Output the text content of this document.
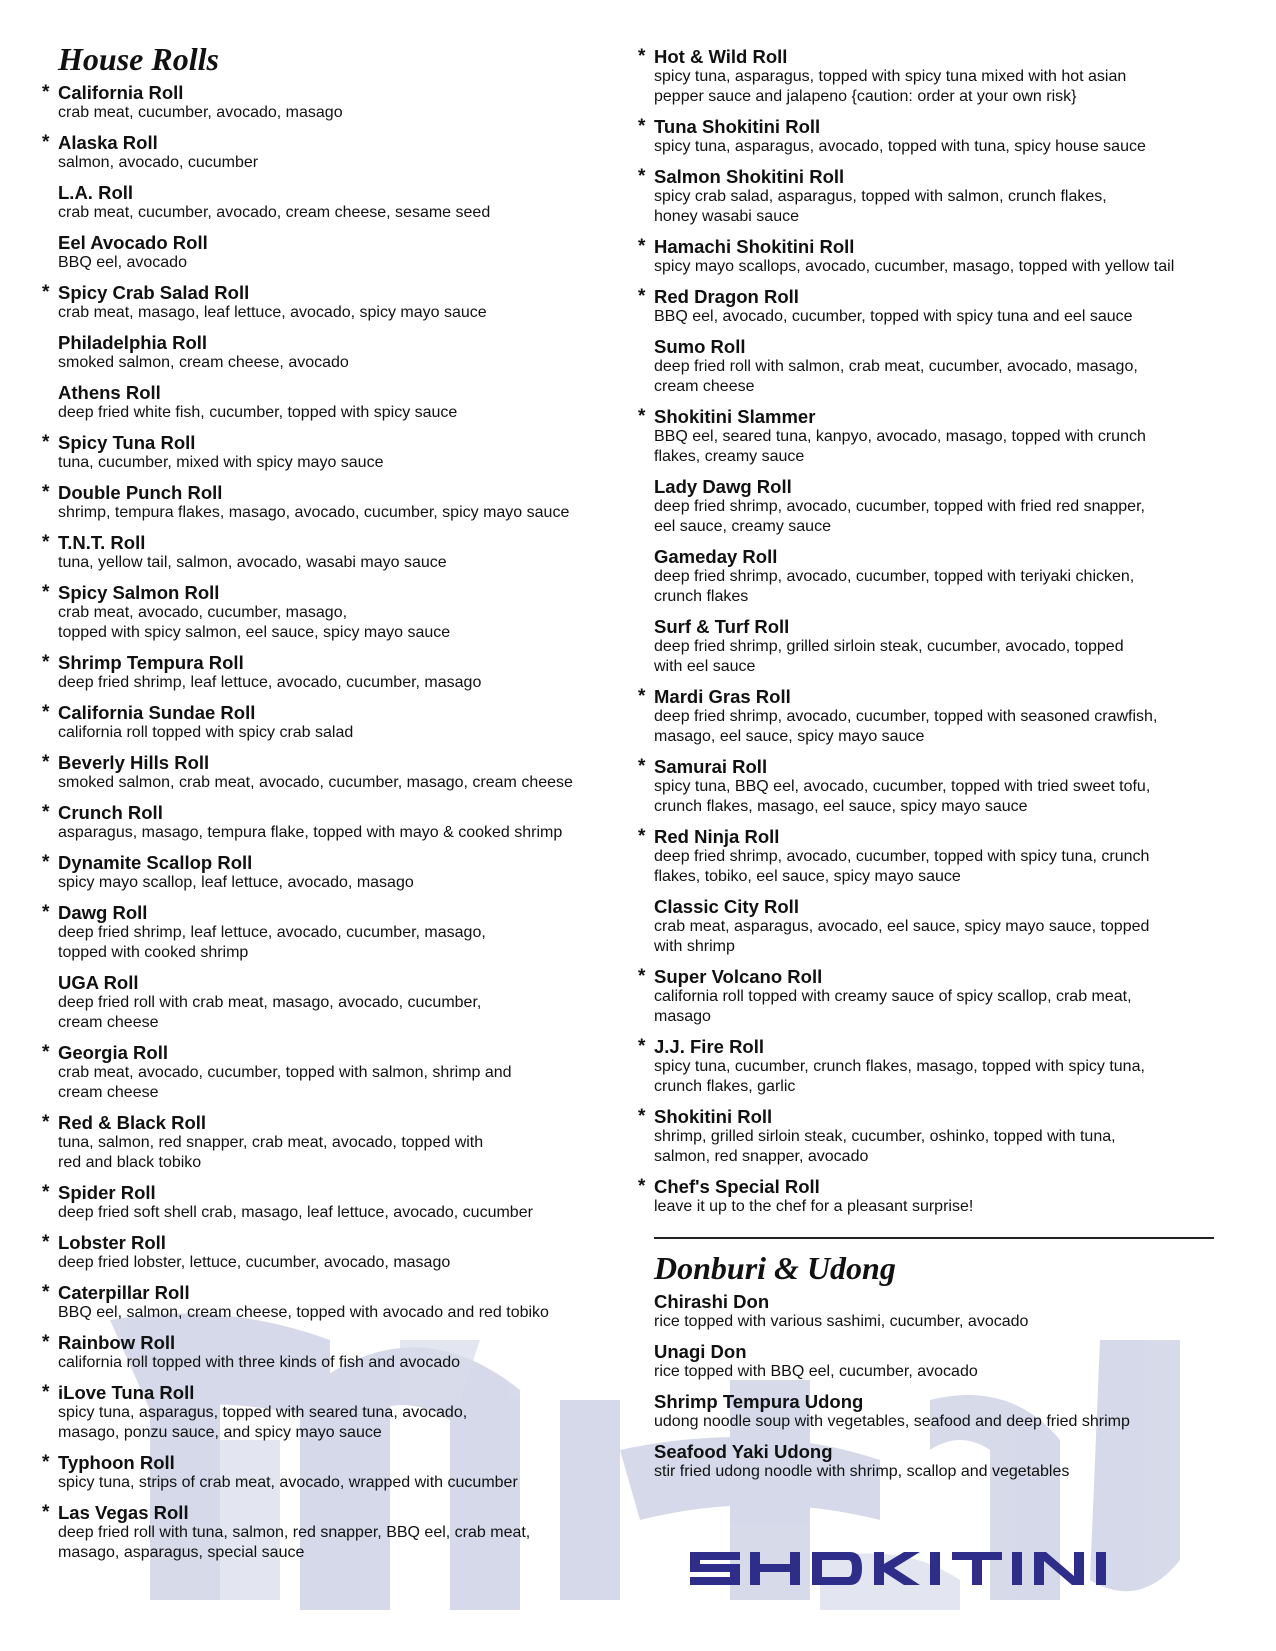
House Rolls
* California Roll
crab meat, cucumber, avocado, masago
* Alaska Roll
salmon, avocado, cucumber
L.A. Roll
crab meat, cucumber, avocado, cream cheese, sesame seed
Eel Avocado Roll
BBQ eel, avocado
* Spicy Crab Salad Roll
crab meat, masago, leaf lettuce, avocado, spicy mayo sauce
Philadelphia Roll
smoked salmon, cream cheese, avocado
Athens Roll
deep fried white fish, cucumber, topped with spicy sauce
* Spicy Tuna Roll
tuna, cucumber, mixed with spicy mayo sauce
* Double Punch Roll
shrimp, tempura flakes, masago, avocado, cucumber, spicy mayo sauce
* T.N.T. Roll
tuna, yellow tail, salmon, avocado, wasabi mayo sauce
* Spicy Salmon Roll
crab meat, avocado, cucumber, masago,
topped with spicy salmon, eel sauce, spicy mayo sauce
* Shrimp Tempura Roll
deep fried shrimp, leaf lettuce, avocado, cucumber, masago
* California Sundae Roll
california roll topped with spicy crab salad
* Beverly Hills Roll
smoked salmon, crab meat, avocado, cucumber, masago, cream cheese
* Crunch Roll
asparagus, masago, tempura flake, topped with mayo & cooked shrimp
* Dynamite Scallop Roll
spicy mayo scallop, leaf lettuce, avocado, masago
* Dawg Roll
deep fried shrimp, leaf lettuce, avocado, cucumber, masago,
topped with cooked shrimp
UGA Roll
deep fried roll with crab meat, masago, avocado, cucumber,
cream cheese
* Georgia Roll
crab meat, avocado, cucumber, topped with salmon, shrimp and
cream cheese
* Red & Black Roll
tuna, salmon, red snapper, crab meat, avocado, topped with
red and black tobiko
* Spider Roll
deep fried soft shell crab, masago, leaf lettuce, avocado, cucumber
* Lobster Roll
deep fried lobster, lettuce, cucumber, avocado, masago
* Caterpillar Roll
BBQ eel, salmon, cream cheese, topped with avocado and red tobiko
* Rainbow Roll
california roll topped with three kinds of fish and avocado
* iLove Tuna Roll
spicy tuna, asparagus, topped with seared tuna, avocado,
masago, ponzu sauce, and spicy mayo sauce
* Typhoon Roll
spicy tuna, strips of crab meat, avocado, wrapped with cucumber
* Las Vegas Roll
deep fried roll with tuna, salmon, red snapper, BBQ eel, crab meat,
masago, asparagus, special sauce
* Hot & Wild Roll
spicy tuna, asparagus, topped with spicy tuna mixed with hot asian
pepper sauce and jalapeno {caution: order at your own risk}
* Tuna Shokitini Roll
spicy tuna, asparagus, avocado, topped with tuna, spicy house sauce
* Salmon Shokitini Roll
spicy crab salad, asparagus, topped with salmon, crunch flakes,
honey wasabi sauce
* Hamachi Shokitini Roll
spicy mayo scallops, avocado, cucumber, masago, topped with yellow tail
* Red Dragon Roll
BBQ eel, avocado, cucumber, topped with spicy tuna and eel sauce
Sumo Roll
deep fried roll with salmon, crab meat, cucumber, avocado, masago,
cream cheese
* Shokitini Slammer
BBQ eel, seared tuna, kanpyo, avocado, masago, topped with crunch
flakes, creamy sauce
Lady Dawg Roll
deep fried shrimp, avocado, cucumber, topped with fried red snapper,
eel sauce, creamy sauce
Gameday Roll
deep fried shrimp, avocado, cucumber, topped with teriyaki chicken,
crunch flakes
Surf & Turf Roll
deep fried shrimp, grilled sirloin steak, cucumber, avocado, topped
with eel sauce
* Mardi Gras Roll
deep fried shrimp, avocado, cucumber, topped with seasoned crawfish,
masago, eel sauce, spicy mayo sauce
* Samurai Roll
spicy tuna, BBQ eel, avocado, cucumber, topped with tried sweet tofu,
crunch flakes, masago, eel sauce, spicy mayo sauce
* Red Ninja Roll
deep fried shrimp, avocado, cucumber, topped with spicy tuna, crunch
flakes, tobiko, eel sauce, spicy mayo sauce
Classic City Roll
crab meat, asparagus, avocado, eel sauce, spicy mayo sauce, topped
with shrimp
* Super Volcano Roll
california roll topped with creamy sauce of spicy scallop, crab meat,
masago
* J.J. Fire Roll
spicy tuna, cucumber, crunch flakes, masago, topped with spicy tuna,
crunch flakes, garlic
* Shokitini Roll
shrimp, grilled sirloin steak, cucumber, oshinko, topped with tuna,
salmon, red snapper, avocado
* Chef's Special Roll
leave it up to the chef for a pleasant surprise!
Donburi & Udong
Chirashi Don
rice topped with various sashimi, cucumber, avocado
Unagi Don
rice topped with BBQ eel, cucumber, avocado
Shrimp Tempura Udong
udong noodle soup with vegetables, seafood and deep fried shrimp
Seafood Yaki Udong
stir fried udong noodle with shrimp, scallop and vegetables
